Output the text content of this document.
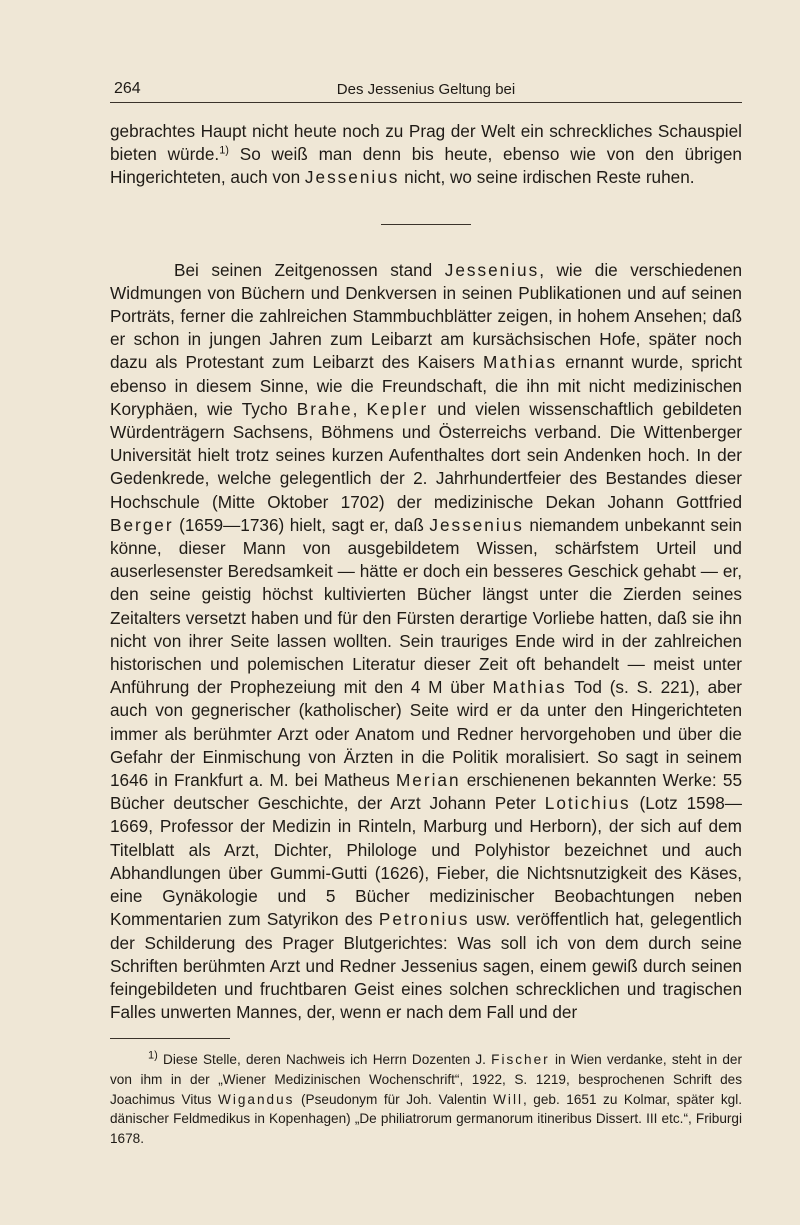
264	Des Jessenius Geltung bei

gebrachtes Haupt nicht heute noch zu Prag der Welt ein schreckliches Schauspiel bieten würde.$^{1)}$ So weiß man denn bis heute, ebenso wie von den übrigen Hingerichteten, auch von Jessenius nicht, wo seine irdischen Reste ruhen.

Bei seinen Zeitgenossen stand Jessenius, wie die verschiedenen Widmungen von Büchern und Denkversen in seinen Publikationen und auf seinen Porträts, ferner die zahlreichen Stammbuchblätter zeigen, in hohem Ansehen; daß er schon in jungen Jahren zum Leibarzt am kursächsischen Hofe, später noch dazu als Protestant zum Leibarzt des Kaisers Mathias ernannt wurde, spricht ebenso in diesem Sinne, wie die Freundschaft, die ihn mit nicht medizinischen Koryphäen, wie Tycho Brahe, Kepler und vielen wissenschaftlich gebildeten Würdenträgern Sachsens, Böhmens und Österreichs verband. Die Wittenberger Universität hielt trotz seines kurzen Aufenthaltes dort sein Andenken hoch. In der Gedenkrede, welche gelegentlich der 2. Jahrhundertfeier des Bestandes dieser Hochschule (Mitte Oktober 1702) der medizinische Dekan Johann Gottfried Berger (1659—1736) hielt, sagt er, daß Jessenius niemandem unbekannt sein könne, dieser Mann von ausgebildetem Wissen, schärfstem Urteil und auserlesenster Beredsamkeit — hätte er doch ein besseres Geschick gehabt — er, den seine geistig höchst kultivierten Bücher längst unter die Zierden seines Zeitalters versetzt haben und für den Fürsten derartige Vorliebe hatten, daß sie ihn nicht von ihrer Seite lassen wollten. Sein trauriges Ende wird in der zahlreichen historischen und polemischen Literatur dieser Zeit oft behandelt — meist unter Anführung der Prophezeiung mit den 4 M über Mathias Tod (s. S. 221), aber auch von gegnerischer (katholischer) Seite wird er da unter den Hingerichteten immer als berühmter Arzt oder Anatom und Redner hervorgehoben und über die Gefahr der Einmischung von Ärzten in die Politik moralisiert. So sagt in seinem 1646 in Frankfurt a. M. bei Matheus Merian erschienenen bekannten Werke: 55 Bücher deutscher Geschichte, der Arzt Johann Peter Lotichius (Lotz 1598—1669, Professor der Medizin in Rinteln, Marburg und Herborn), der sich auf dem Titelblatt als Arzt, Dichter, Philologe und Polyhistor bezeichnet und auch Abhandlungen über Gummi-Gutti (1626), Fieber, die Nichtsnutzigkeit des Käses, eine Gynäkologie und 5 Bücher medizinischer Beobachtungen neben Kommentarien zum Satyrikon des Petronius usw. veröffentlich hat, gelegentlich der Schilderung des Prager Blutgerichtes: Was soll ich von dem durch seine Schriften berühmten Arzt und Redner Jessenius sagen, einem gewiß durch seinen feingebildeten und fruchtbaren Geist eines solchen schrecklichen und tragischen Falles unwerten Mannes, der, wenn er nach dem Fall und der

$^{1)}$ Diese Stelle, deren Nachweis ich Herrn Dozenten J. Fischer in Wien verdanke, steht in der von ihm in der „Wiener Medizinischen Wochenschrift“, 1922, S. 1219, besprochenen Schrift des Joachimus Vitus Wigandus (Pseudonym für Joh. Valentin Will, geb. 1651 zu Kolmar, später kgl. dänischer Feldmedikus in Kopenhagen) „De philiatrorum germanorum itineribus Dissert. III etc.“, Friburgi 1678.
